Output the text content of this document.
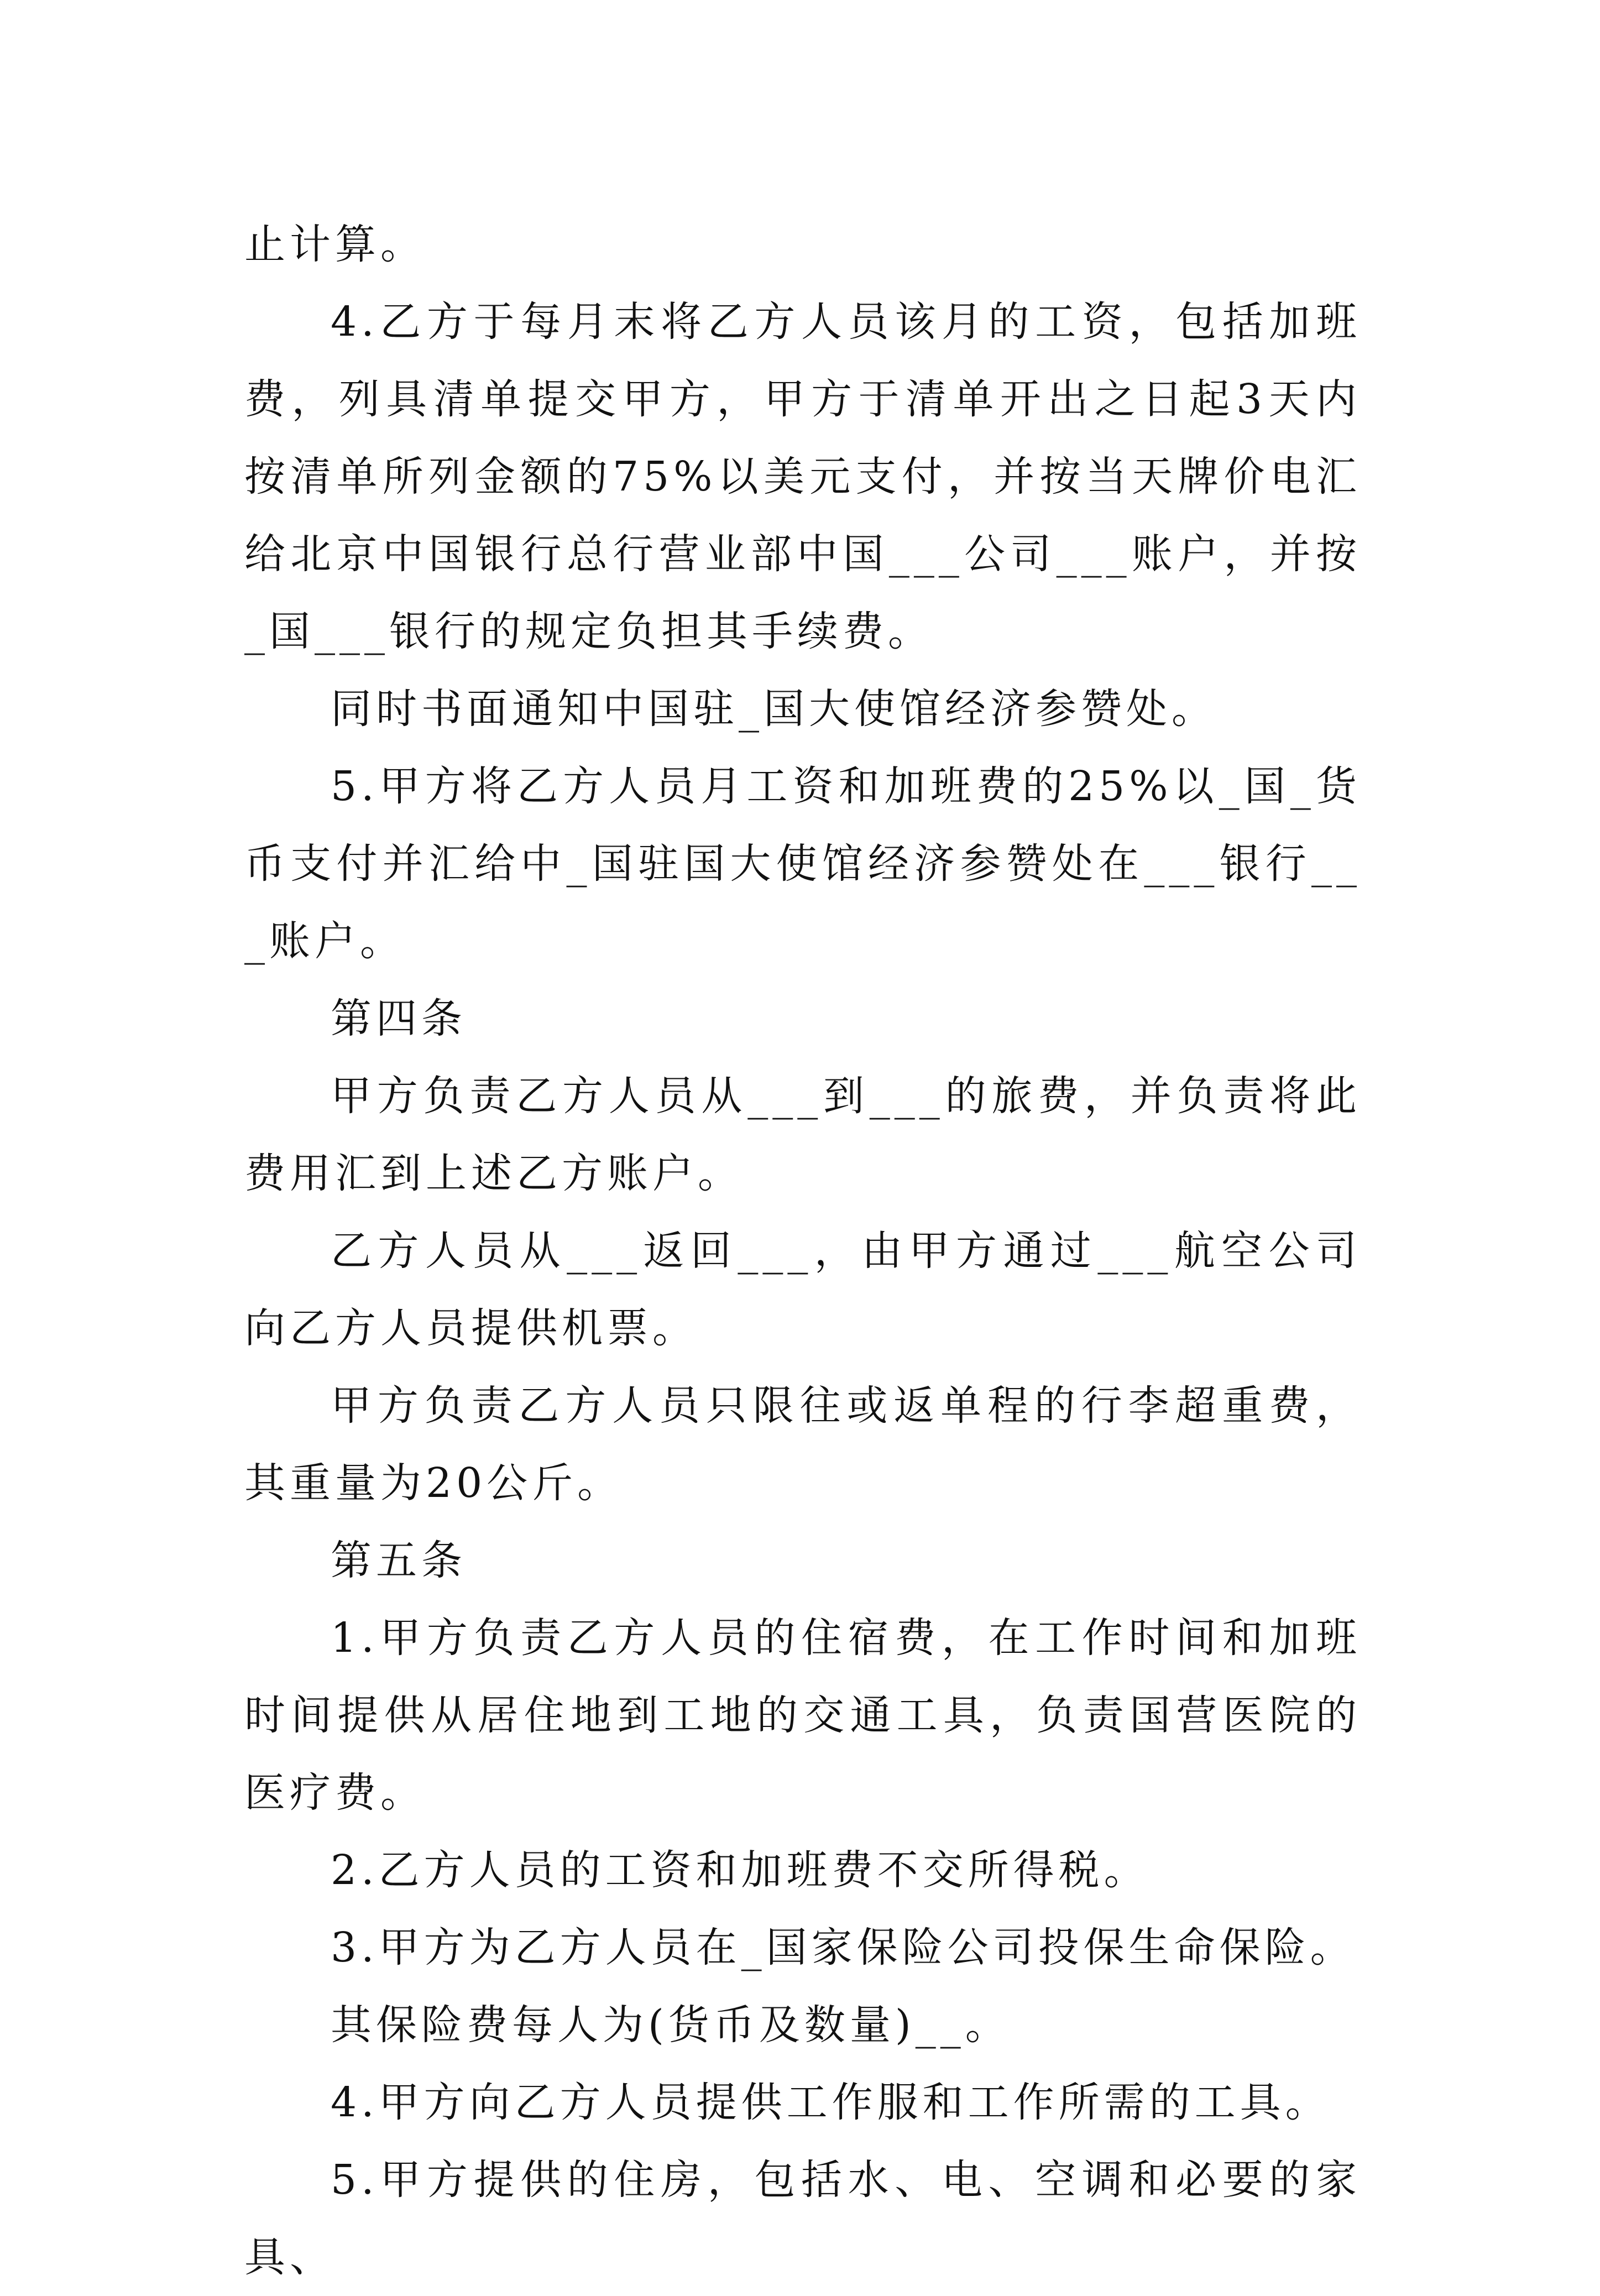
止计算。

4.乙方于每月末将乙方人员该月的工资，包括加班费，列具清单提交甲方，甲方于清单开出之日起3天内按清单所列金额的75%以美元支付，并按当天牌价电汇给北京中国银行总行营业部中国___公司___账户，并按_国___银行的规定负担其手续费。

同时书面通知中国驻_国大使馆经济参赞处。

5.甲方将乙方人员月工资和加班费的25%以_国_货币支付并汇给中_国驻国大使馆经济参赞处在___银行___账户。

第四条

甲方负责乙方人员从___到___的旅费，并负责将此费用汇到上述乙方账户。

乙方人员从___返回___，由甲方通过___航空公司向乙方人员提供机票。

甲方负责乙方人员只限往或返单程的行李超重费，其重量为20公斤。

第五条

1.甲方负责乙方人员的住宿费，在工作时间和加班时间提供从居住地到工地的交通工具，负责国营医院的医疗费。

2.乙方人员的工资和加班费不交所得税。

3.甲方为乙方人员在_国家保险公司投保生命保险。

其保险费每人为(货币及数量)__。

4.甲方向乙方人员提供工作服和工作所需的工具。

5.甲方提供的住房，包括水、电、空调和必要的家具、
